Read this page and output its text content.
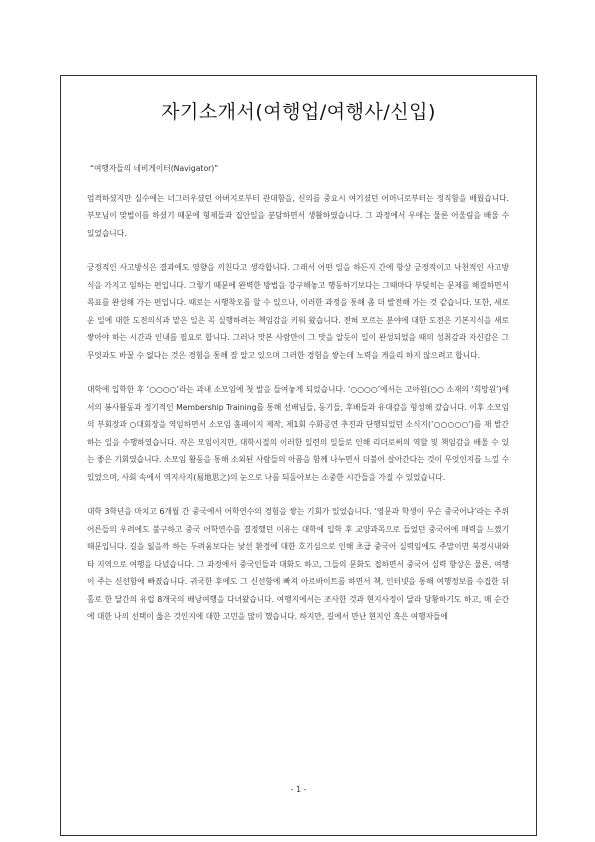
자기소개서(여행업/여행사/신입)
“여행자들의 네비게이터(Navigator)”

엄격하셨지만 실수에는 너그러우셨던 아버지로부터 관대함을, 신의를 중요시 여기셨던 어머니로부터는 정직함을 배웠습니다. 부모님이 맞벌이를 하셨기 때문에 형제들과 집안일을 분담하면서 생활하였습니다. 그 과정에서 우애는 물론 어울림을 배울 수 있었습니다.

긍정적인 사고방식은 결과에도 영향을 끼친다고 생각합니다. 그래서 어떤 일을 하든지 간에 항상 긍정적이고 낙천적인 사고방식을 가지고 임하는 편입니다. 그렇기 때문에 완벽한 방법을 강구해놓고 행동하기보다는 그때마다 부딪히는 문제를 해결하면서 목표를 완성해 가는 편입니다. 때로는 시행착오를 할 수 있으나, 이러한 과정을 통해 좀 더 발전해 가는 것 같습니다. 또한, 새로운 일에 대한 도전의식과 맡은 일은 꼭 실행하려는 책임감을 키워 왔습니다. 전혀 모르는 분야에 대한 도전은 기본지식을 새로 쌓아야 하는 시간과 인내를 필요로 합니다. 그러나 맛본 사람만이 그 맛을 알듯이 일이 완성되었을 때의 성취감과 자신감은 그 무엇과도 바꿀 수 없다는 것은 경험을 통해 잘 알고 있으며 그러한 경험을 쌓는데 노력을 게을리 하지 않으려고 합니다.

대학에 입학한 후 ‘○○○○’라는 과내 소모임에 첫 발을 들여놓게 되었습니다. ‘○○○○’에서는 고아원(○○ 소재의 ‘희망원’)에서의 봉사활동과 정기적인 Membership Training를 통해 선배님들, 동기들, 후배들과 유대감을 형성해 갔습니다. 이후 소모임의 부회장과 ○대회장을 역임하면서 소모임 홈페이지 제작, 제1회 수화공연 추진과 단행되었던 소식지(‘○○○○○’)를 재 발간하는 일을 수행하였습니다. 작은 모임이지만, 대학시절의 이러한 일련의 일들로 인해 리더로써의 역할 및 책임감을 배울 수 있는 좋은 기회였습니다. 소모임 활동을 통해 소외된 사람들의 아픔을 함께 나누면서 더불어 살아간다는 것이 무엇인지를 느낄 수 있었으며, 사회 속에서 역지사지(易地思之)의 눈으로 나를 되돌아보는 소중한 시간들을 가질 수 있었습니다.

대학 3학년을 마치고 6개월 간 중국에서 어학연수의 경험을 쌓는 기회가 있었습니다. ‘영문과 학생이 무슨 중국어냐’라는 주위 어른들의 우려에도 불구하고 중국 어학연수를 결정했던 이유는 대학에 입학 후 교양과목으로 들었던 중국어에 매력을 느꼈기 때문입니다. 길을 잃을까 하는 두려움보다는 낯선 환경에 대한 호기심으로 인해 초급 중국어 실력임에도 주말이면 북경시내와 타 지역으로 여행을 다녔습니다. 그 과정에서 중국인들과 대화도 하고, 그들의 문화도 접하면서 중국어 실력 향상은 물론, 여행이 주는 신선함에 빠졌습니다. 귀국한 후에도 그 신선함에 빠져 아르바이트를 하면서 책, 인터넷을 통해 여행정보를 수집한 뒤 홀로 한 달간의 유럽 8개국의 배낭여행을 다녀왔습니다. 여행지에서는 조사한 것과 현지사정이 달라 당황하기도 하고, 매 순간에 대한 나의 선택이 옳은 것인지에 대한 고민을 많이 했습니다. 하지만, 길에서 만난 현지인 혹은 여행자들에

- 1 -
